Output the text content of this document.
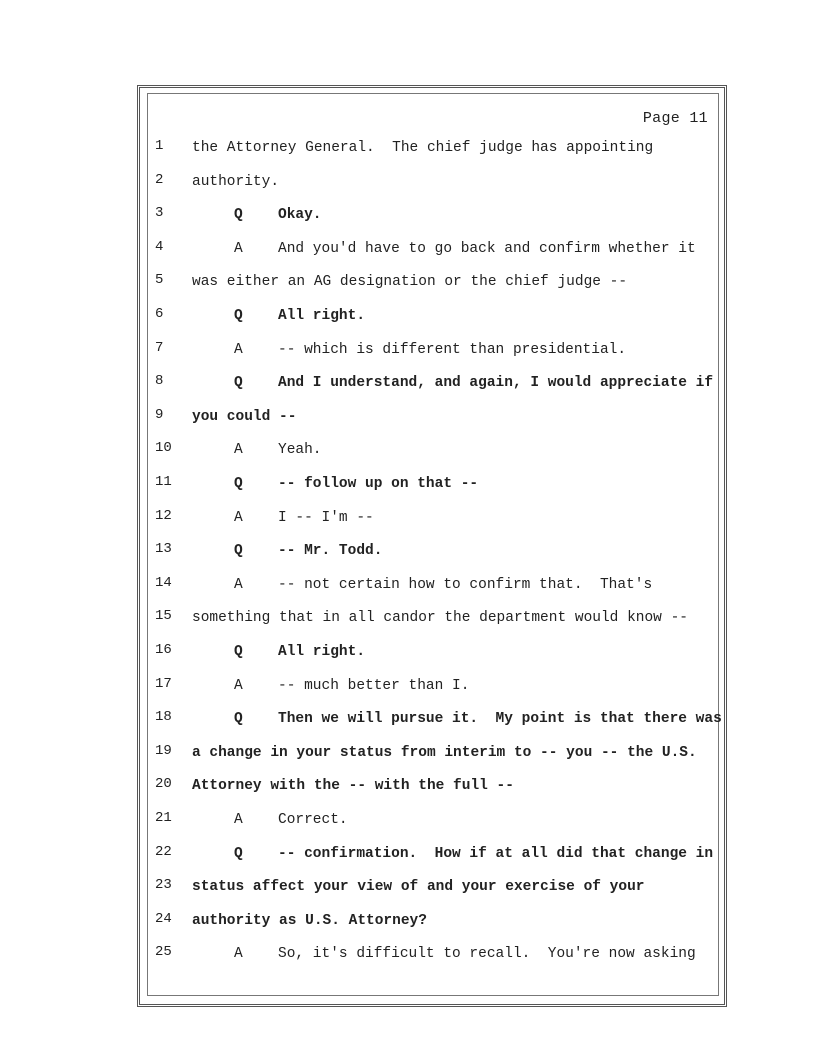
Page 11
1	the Attorney General.  The chief judge has appointing
2	authority.
3	Q Okay.
4	A And you'd have to go back and confirm whether it
5	was either an AG designation or the chief judge --
6	Q All right.
7	A -- which is different than presidential.
8	Q And I understand, and again, I would appreciate if
9	you could --
10	A Yeah.
11	Q -- follow up on that --
12	A I -- I'm --
13	Q -- Mr. Todd.
14	A -- not certain how to confirm that.  That's
15	something that in all candor the department would know --
16	Q All right.
17	A -- much better than I.
18	Q Then we will pursue it.  My point is that there was
19	a change in your status from interim to -- you -- the U.S.
20	Attorney with the -- with the full --
21	A Correct.
22	Q -- confirmation.  How if at all did that change in
23	status affect your view of and your exercise of your
24	authority as U.S. Attorney?
25	A So, it's difficult to recall.  You're now asking
